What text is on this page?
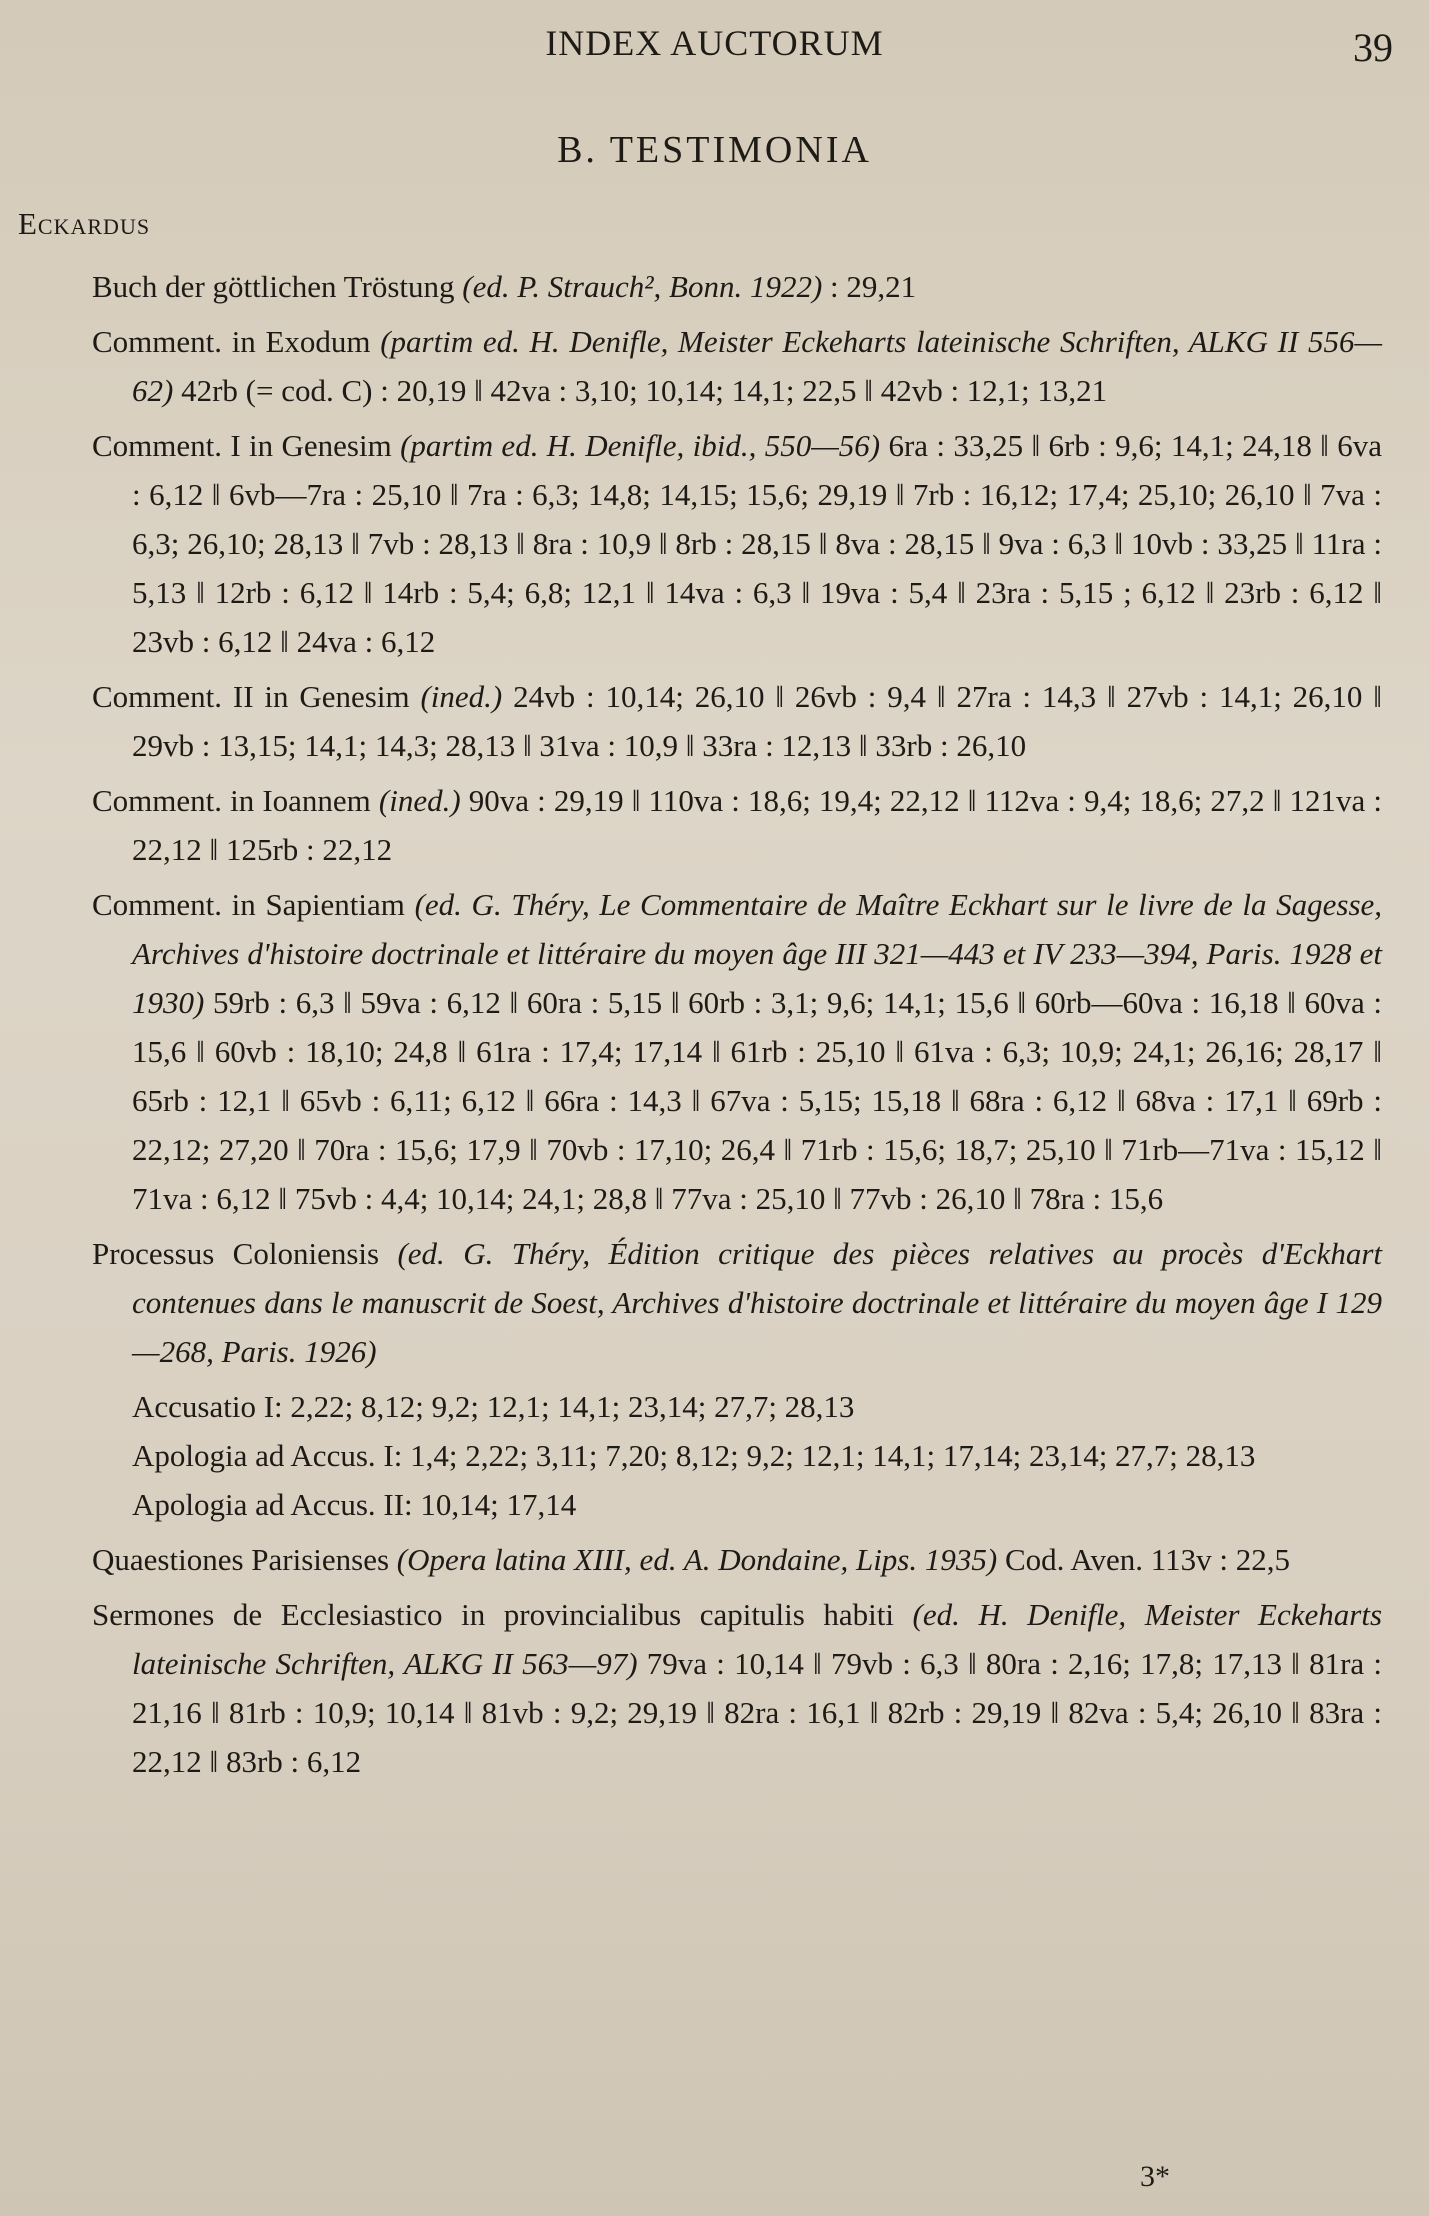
INDEX AUCTORUM	39
B. TESTIMONIA
Eckardus

Buch der göttlichen Tröstung (ed. P. Strauch², Bonn. 1922) : 29,21

Comment. in Exodum (partim ed. H. Denifle, Meister Eckeharts lateinische Schriften, ALKG II 556—62) 42rb (= cod. C) : 20,19 ‖ 42va : 3,10; 10,14; 14,1; 22,5 ‖ 42vb : 12,1; 13,21

Comment. I in Genesim (partim ed. H. Denifle, ibid., 550—56) 6ra : 33,25 ‖ 6rb : 9,6; 14,1; 24,18 ‖ 6va : 6,12 ‖ 6vb—7ra : 25,10 ‖ 7ra : 6,3; 14,8; 14,15; 15,6; 29,19 ‖ 7rb : 16,12; 17,4; 25,10; 26,10 ‖ 7va : 6,3; 26,10; 28,13 ‖ 7vb : 28,13 ‖ 8ra : 10,9 ‖ 8rb : 28,15 ‖ 8va : 28,15 ‖ 9va : 6,3 ‖ 10vb : 33,25 ‖ 11ra : 5,13 ‖ 12rb : 6,12 ‖ 14rb : 5,4; 6,8; 12,1 ‖ 14va : 6,3 ‖ 19va : 5,4 ‖ 23ra : 5,15 ; 6,12 ‖ 23rb : 6,12 ‖ 23vb : 6,12 ‖ 24va : 6,12

Comment. II in Genesim (ined.) 24vb : 10,14; 26,10 ‖ 26vb : 9,4 ‖ 27ra : 14,3 ‖ 27vb : 14,1; 26,10 ‖ 29vb : 13,15; 14,1; 14,3; 28,13 ‖ 31va : 10,9 ‖ 33ra : 12,13 ‖ 33rb : 26,10

Comment. in Ioannem (ined.) 90va : 29,19 ‖ 110va : 18,6; 19,4; 22,12 ‖ 112va : 9,4; 18,6; 27,2 ‖ 121va : 22,12 ‖ 125rb : 22,12

Comment. in Sapientiam (ed. G. Théry, Le Commentaire de Maître Eckhart sur le livre de la Sagesse, Archives d'histoire doctrinale et littéraire du moyen âge III 321—443 et IV 233—394, Paris. 1928 et 1930) 59rb : 6,3 ‖ 59va : 6,12 ‖ 60ra : 5,15 ‖ 60rb : 3,1; 9,6; 14,1; 15,6 ‖ 60rb—60va : 16,18 ‖ 60va : 15,6 ‖ 60vb : 18,10; 24,8 ‖ 61ra : 17,4; 17,14 ‖ 61rb : 25,10 ‖ 61va : 6,3; 10,9; 24,1; 26,16; 28,17 ‖ 65rb : 12,1 ‖ 65vb : 6,11; 6,12 ‖ 66ra : 14,3 ‖ 67va : 5,15; 15,18 ‖ 68ra : 6,12 ‖ 68va : 17,1 ‖ 69rb : 22,12; 27,20 ‖ 70ra : 15,6; 17,9 ‖ 70vb : 17,10; 26,4 ‖ 71rb : 15,6; 18,7; 25,10 ‖ 71rb—71va : 15,12 ‖ 71va : 6,12 ‖ 75vb : 4,4; 10,14; 24,1; 28,8 ‖ 77va : 25,10 ‖ 77vb : 26,10 ‖ 78ra : 15,6

Processus Coloniensis (ed. G. Théry, Édition critique des pièces relatives au procès d'Eckhart contenues dans le manuscrit de Soest, Archives d'histoire doctrinale et littéraire du moyen âge I 129—268, Paris. 1926)

Accusatio I: 2,22; 8,12; 9,2; 12,1; 14,1; 23,14; 27,7; 28,13

Apologia ad Accus. I: 1,4; 2,22; 3,11; 7,20; 8,12; 9,2; 12,1; 14,1; 17,14; 23,14; 27,7; 28,13

Apologia ad Accus. II: 10,14; 17,14

Quaestiones Parisienses (Opera latina XIII, ed. A. Dondaine, Lips. 1935) Cod. Aven. 113v : 22,5

Sermones de Ecclesiastico in provincialibus capitulis habiti (ed. H. Denifle, Meister Eckeharts lateinische Schriften, ALKG II 563—97) 79va : 10,14 ‖ 79vb : 6,3 ‖ 80ra : 2,16; 17,8; 17,13 ‖ 81ra : 21,16 ‖ 81rb : 10,9; 10,14 ‖ 81vb : 9,2; 29,19 ‖ 82ra : 16,1 ‖ 82rb : 29,19 ‖ 82va : 5,4; 26,10 ‖ 83ra : 22,12 ‖ 83rb : 6,12

3*
